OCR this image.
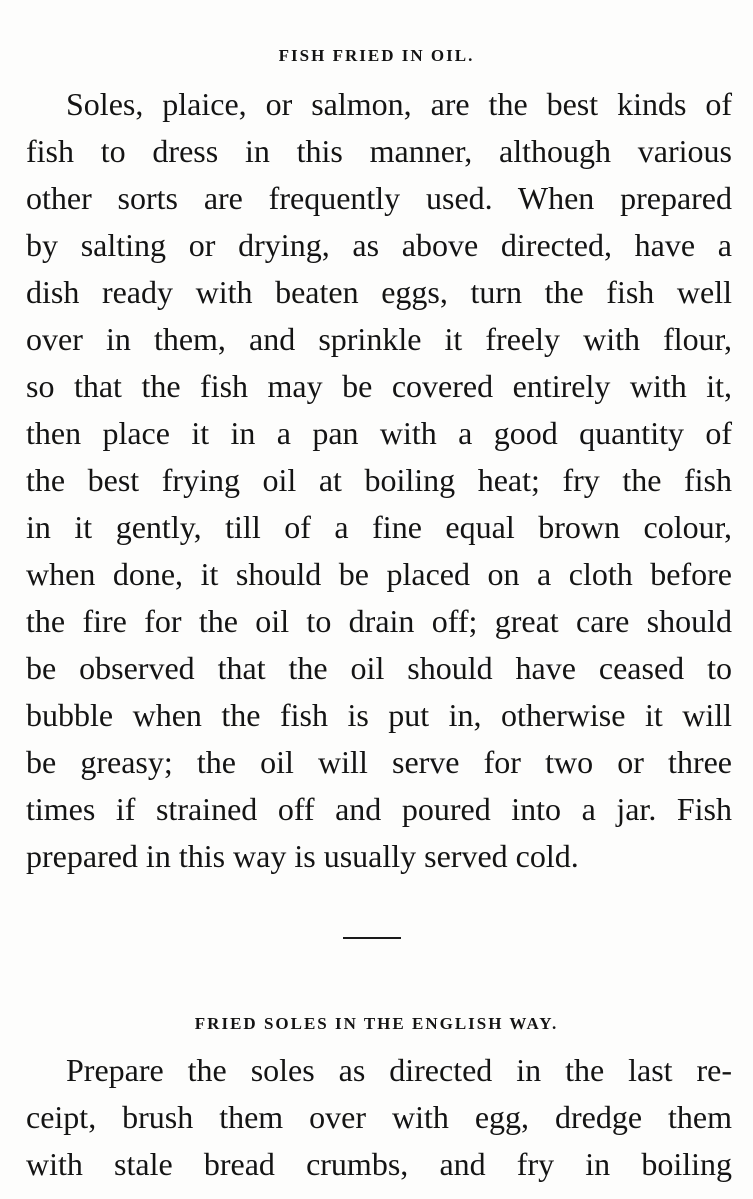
FISH FRIED IN OIL.
Soles, plaice, or salmon, are the best kinds of
fish to dress in this manner, although various
other sorts are frequently used. When prepared
by salting or drying, as above directed, have a
dish ready with beaten eggs, turn the fish well
over in them, and sprinkle it freely with flour,
so that the fish may be covered entirely with it,
then place it in a pan with a good quantity of
the best frying oil at boiling heat; fry the fish
in it gently, till of a fine equal brown colour,
when done, it should be placed on a cloth before
the fire for the oil to drain off; great care should
be observed that the oil should have ceased to
bubble when the fish is put in, otherwise it will
be greasy; the oil will serve for two or three
times if strained off and poured into a jar. Fish
prepared in this way is usually served cold.
FRIED SOLES IN THE ENGLISH WAY.
Prepare the soles as directed in the last re-
ceipt, brush them over with egg, dredge them
with stale bread crumbs, and fry in boiling
